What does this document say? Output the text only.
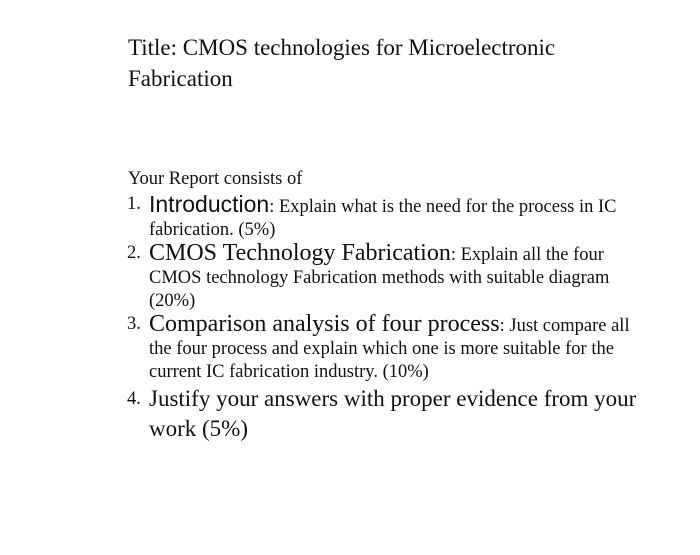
Title: CMOS technologies for Microelectronic Fabrication
Your Report consists of
1. Introduction: Explain what is the need for the process in IC fabrication. (5%)
2. CMOS Technology Fabrication: Explain all the four CMOS technology Fabrication methods with suitable diagram (20%)
3. Comparison analysis of four process: Just compare all the four process and explain which one is more suitable for the current IC fabrication industry. (10%)
4. Justify your answers with proper evidence from your work (5%)
